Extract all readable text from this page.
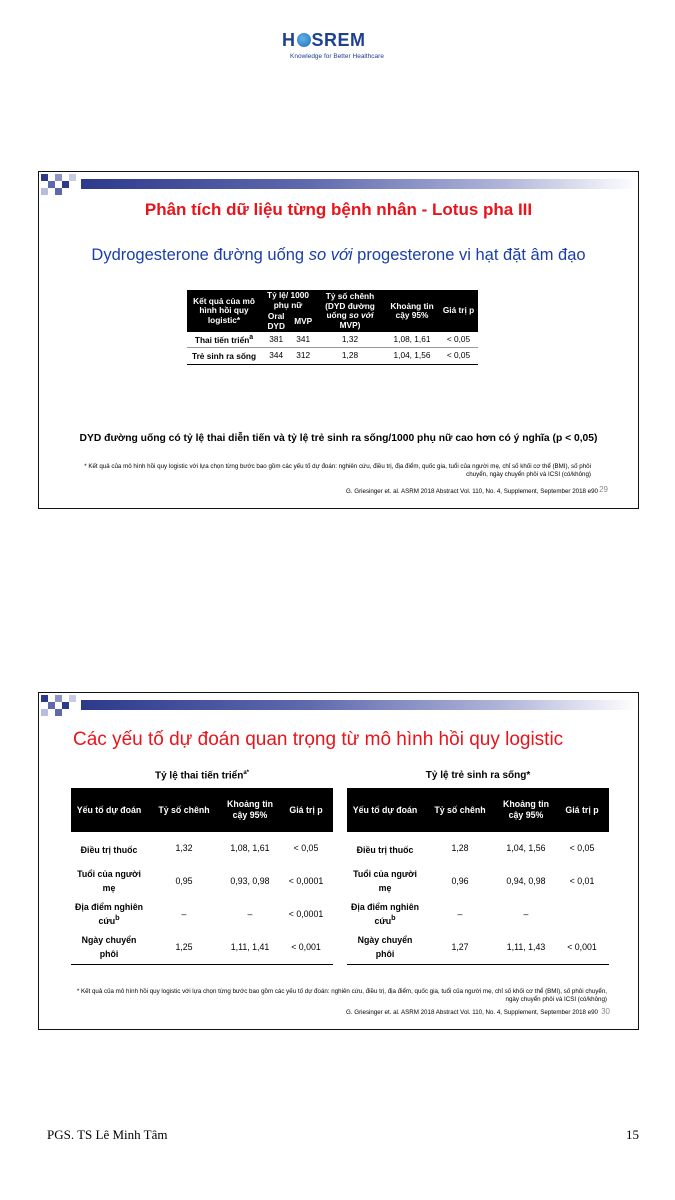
H SREM
Knowledge for Better Healthcare
Phân tích dữ liệu từng bệnh nhân - Lotus pha III
Dydrogesterone đường uống so với progesterone vi hạt đặt âm đạo
Kết quả của mô hình hồi quy logistic*	Tỷ lệ/ 1000 phụ nữ		Tỷ số chênh (DYD đường uống so với MVP)	Khoảng tin cậy 95%	Giá trị p
	Oral DYD	MVP			
Thai tiến triển$^a$	381	341	1,32	1,08, 1,61	< 0,05
Trẻ sinh ra sống	344	312	1,28	1,04, 1,56	< 0,05
DYD đường uống có tỷ lệ thai diễn tiến và tỷ lệ trẻ sinh ra sống/1000 phụ nữ cao hơn có ý nghĩa (p < 0,05)
* Kết quả của mô hình hồi quy logistic với lựa chọn từng bước bao gồm các yếu tố dự đoán: nghiên cứu, điều trị, địa điểm, quốc gia, tuổi của người mẹ, chỉ số khối cơ thể (BMI), số phôi chuyển, ngày chuyển phôi và ICSI (có/không)
G. Griesinger et. al. ASRM 2018 Abstract Vol. 110, No. 4, Supplement, September 2018 e90 29
Các yếu tố dự đoán quan trọng từ mô hình hồi quy logistic
Tỷ lệ thai tiến triển$^{a*}$	Tỷ lệ trẻ sinh ra sống*
Yếu tố dự đoán	Tỷ số chênh	Khoảng tin cậy 95%	Giá trị p
Điều trị thuốc	1,32	1,08, 1,61	< 0,05
Tuổi của người mẹ	0,95	0,93, 0,98	< 0,0001
Địa điểm nghiên cứu$^b$	–	–	< 0,0001
Ngày chuyển phôi	1,25	1,11, 1,41	< 0,001
Yếu tố dự đoán	Tỷ số chênh	Khoảng tin cậy 95%	Giá trị p
Điều trị thuốc	1,28	1,04, 1,56	< 0,05
Tuổi của người mẹ	0,96	0,94, 0,98	< 0,01
Địa điểm nghiên cứu$^b$	–	–	
Ngày chuyển phôi	1,27	1,11, 1,43	< 0,001
* Kết quả của mô hình hồi quy logistic với lựa chọn từng bước bao gồm các yếu tố dự đoán: nghiên cứu, điều trị, địa điểm, quốc gia, tuổi của người mẹ, chỉ số khối cơ thể (BMI), số phôi chuyển, ngày chuyển phôi và ICSI (có/không)
G. Griesinger et. al. ASRM 2018 Abstract Vol. 110, No. 4, Supplement, September 2018 e90 30
PGS. TS Lê Minh Tâm	15
